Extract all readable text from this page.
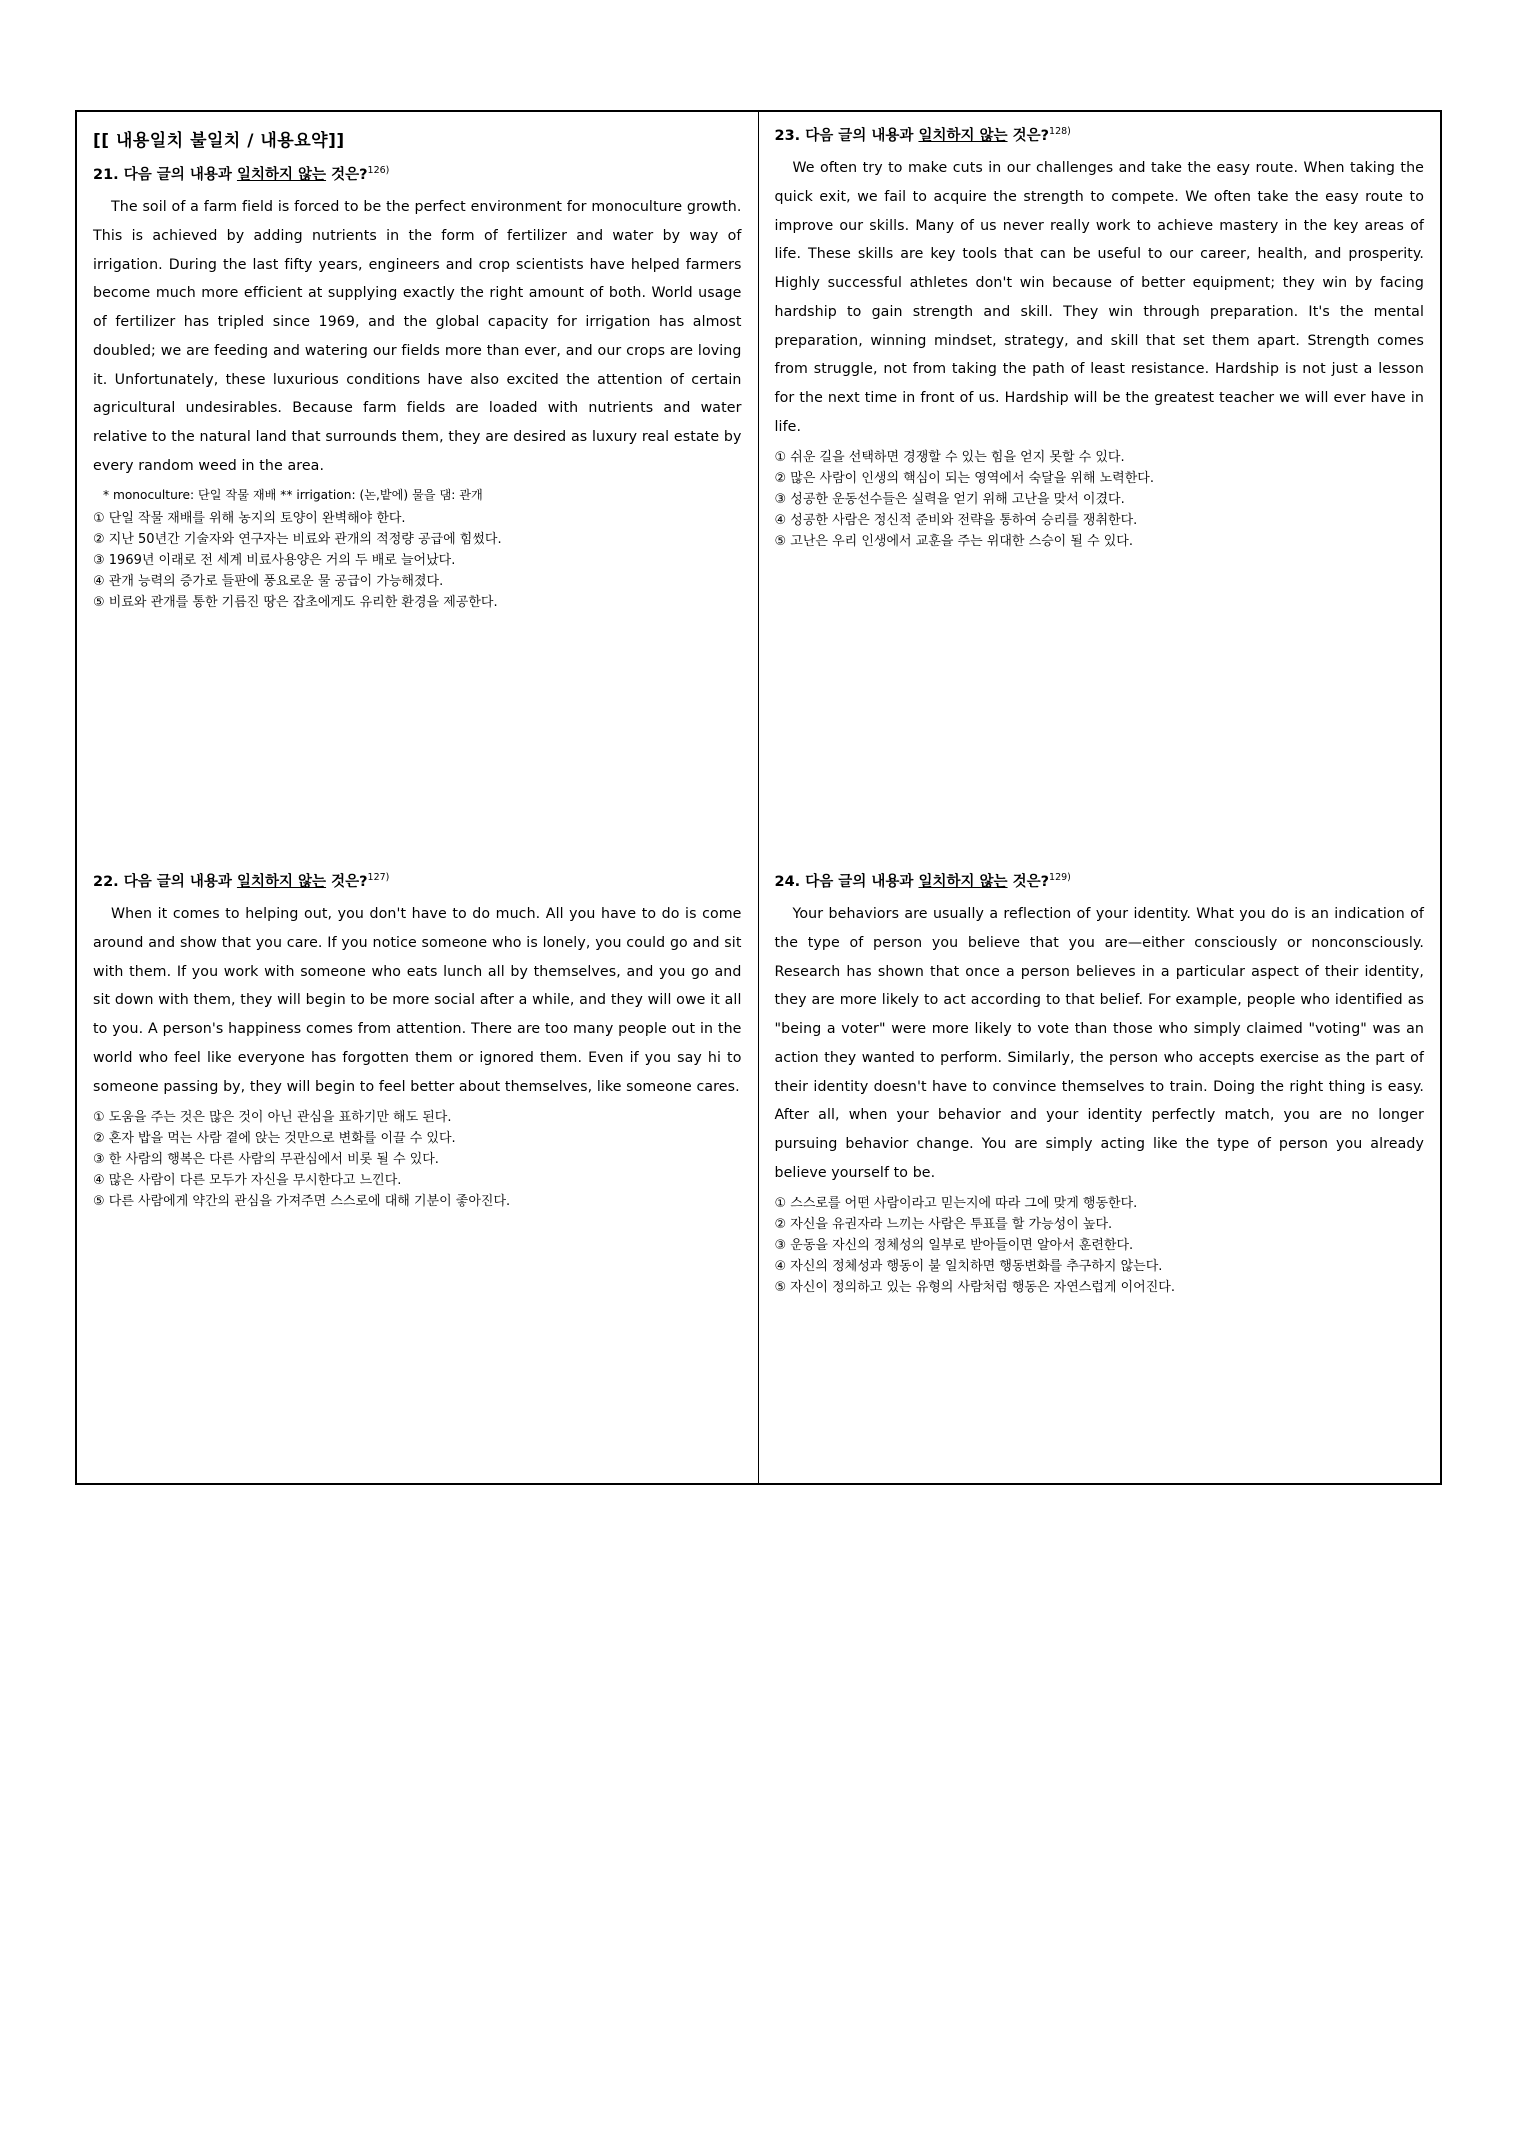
[[ 내용일치 불일치 / 내용요약]]
21. 다음 글의 내용과 일치하지 않는 것은?$^{126)}$

The soil of a farm field is forced to be the perfect environment for monoculture growth. This is achieved by adding nutrients in the form of fertilizer and water by way of irrigation. During the last fifty years, engineers and crop scientists have helped farmers become much more efficient at supplying exactly the right amount of both. World usage of fertilizer has tripled since 1969, and the global capacity for irrigation has almost doubled; we are feeding and watering our fields more than ever, and our crops are loving it. Unfortunately, these luxurious conditions have also excited the attention of certain agricultural undesirables. Because farm fields are loaded with nutrients and water relative to the natural land that surrounds them, they are desired as luxury real estate by every random weed in the area.

* monoculture: 단일 작물 재배 ** irrigation: (논,밭에) 물을 댐: 관개
① 단일 작물 재배를 위해 농지의 토양이 완벽해야 한다.
② 지난 50년간 기술자와 연구자는 비료와 관개의 적정량 공급에 힘썼다.
③ 1969년 이래로 전 세계 비료사용양은 거의 두 배로 늘어났다.
④ 관개 능력의 증가로 들판에 풍요로운 물 공급이 가능해졌다.
⑤ 비료와 관개를 통한 기름진 땅은 잡초에게도 유리한 환경을 제공한다.
22. 다음 글의 내용과 일치하지 않는 것은?$^{127)}$

When it comes to helping out, you don't have to do much. All you have to do is come around and show that you care. If you notice someone who is lonely, you could go and sit with them. If you work with someone who eats lunch all by themselves, and you go and sit down with them, they will begin to be more social after a while, and they will owe it all to you. A person's happiness comes from attention. There are too many people out in the world who feel like everyone has forgotten them or ignored them. Even if you say hi to someone passing by, they will begin to feel better about themselves, like someone cares.

① 도움을 주는 것은 많은 것이 아닌 관심을 표하기만 해도 된다.
② 혼자 밥을 먹는 사람 곁에 앉는 것만으로 변화를 이끌 수 있다.
③ 한 사람의 행복은 다른 사람의 무관심에서 비롯 될 수 있다.
④ 많은 사람이 다른 모두가 자신을 무시한다고 느낀다.
⑤ 다른 사람에게 약간의 관심을 가져주면 스스로에 대해 기분이 좋아진다.
23. 다음 글의 내용과 일치하지 않는 것은?$^{128)}$

We often try to make cuts in our challenges and take the easy route. When taking the quick exit, we fail to acquire the strength to compete. We often take the easy route to improve our skills. Many of us never really work to achieve mastery in the key areas of life. These skills are key tools that can be useful to our career, health, and prosperity. Highly successful athletes don't win because of better equipment; they win by facing hardship to gain strength and skill. They win through preparation. It's the mental preparation, winning mindset, strategy, and skill that set them apart. Strength comes from struggle, not from taking the path of least resistance. Hardship is not just a lesson for the next time in front of us. Hardship will be the greatest teacher we will ever have in life.

① 쉬운 길을 선택하면 경쟁할 수 있는 힘을 얻지 못할 수 있다.
② 많은 사람이 인생의 핵심이 되는 영역에서 숙달을 위해 노력한다.
③ 성공한 운동선수들은 실력을 얻기 위해 고난을 맞서 이겼다.
④ 성공한 사람은 정신적 준비와 전략을 통하여 승리를 쟁취한다.
⑤ 고난은 우리 인생에서 교훈을 주는 위대한 스승이 될 수 있다.
24. 다음 글의 내용과 일치하지 않는 것은?$^{129)}$

Your behaviors are usually a reflection of your identity. What you do is an indication of the type of person you believe that you are—either consciously or nonconsciously. Research has shown that once a person believes in a particular aspect of their identity, they are more likely to act according to that belief. For example, people who identified as "being a voter" were more likely to vote than those who simply claimed "voting" was an action they wanted to perform. Similarly, the person who accepts exercise as the part of their identity doesn't have to convince themselves to train. Doing the right thing is easy. After all, when your behavior and your identity perfectly match, you are no longer pursuing behavior change. You are simply acting like the type of person you already believe yourself to be.

① 스스로를 어떤 사람이라고 믿는지에 따라 그에 맞게 행동한다.
② 자신을 유권자라 느끼는 사람은 투표를 할 가능성이 높다.
③ 운동을 자신의 정체성의 일부로 받아들이면 알아서 훈련한다.
④ 자신의 정체성과 행동이 불 일치하면 행동변화를 추구하지 않는다.
⑤ 자신이 정의하고 있는 유형의 사람처럼 행동은 자연스럽게 이어진다.
